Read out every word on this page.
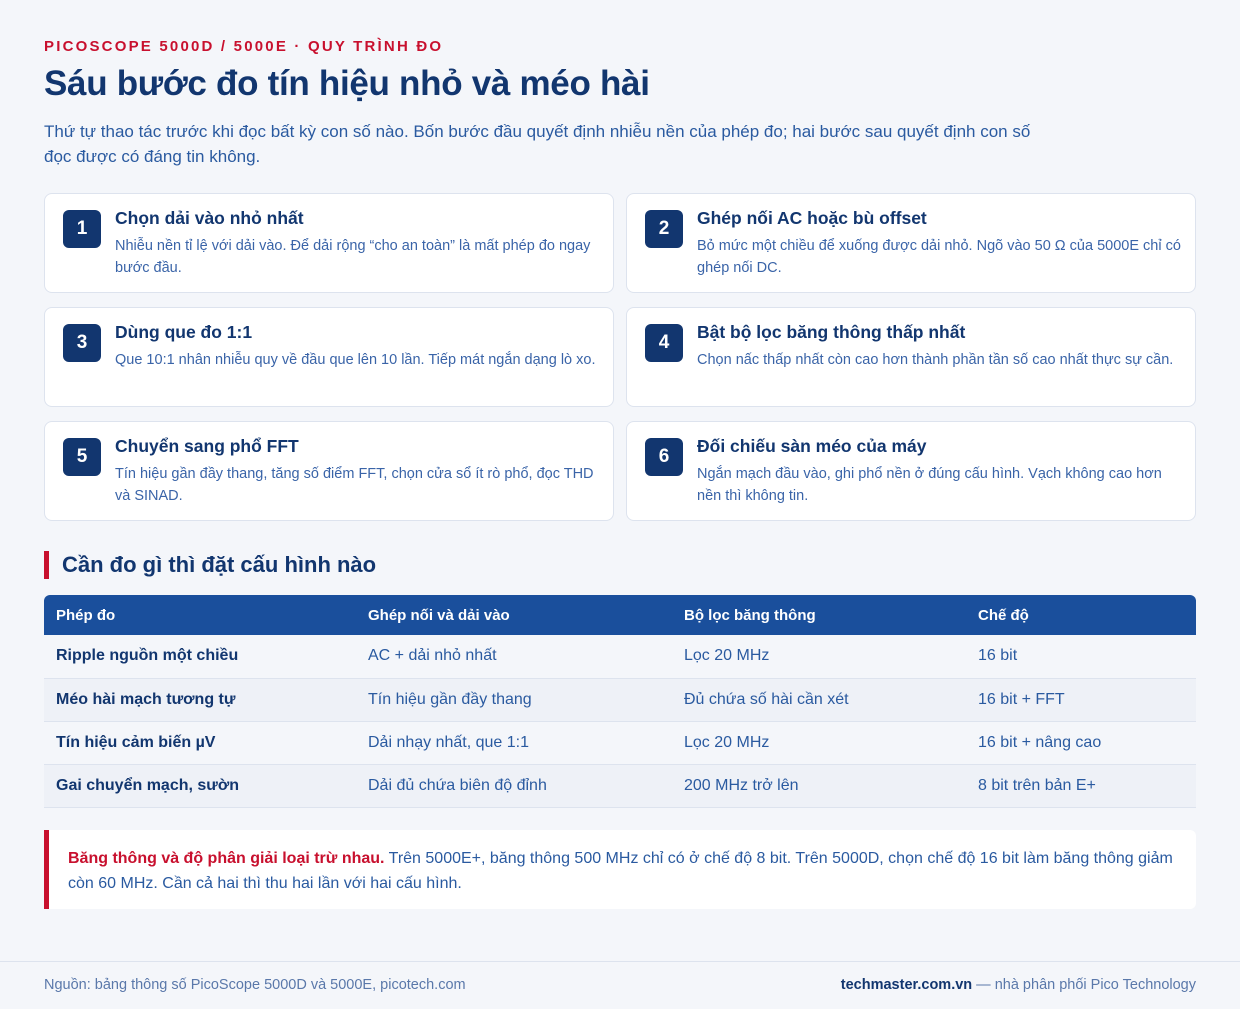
PICOSCOPE 5000D / 5000E · QUY TRÌNH ĐO
Sáu bước đo tín hiệu nhỏ và méo hài

Thứ tự thao tác trước khi đọc bất kỳ con số nào. Bốn bước đầu quyết định nhiễu nền của phép đo; hai bước sau quyết định con số đọc được có đáng tin không.

1	Chọn dải vào nhỏ nhất
Nhiễu nền tỉ lệ với dải vào. Để dải rộng “cho an toàn” là mất phép đo ngay bước đầu.
2	Ghép nối AC hoặc bù offset
Bỏ mức một chiều để xuống được dải nhỏ. Ngõ vào 50 Ω của 5000E chỉ có ghép nối DC.
3	Dùng que đo 1:1
Que 10:1 nhân nhiễu quy về đầu que lên 10 lần. Tiếp mát ngắn dạng lò xo.
4	Bật bộ lọc băng thông thấp nhất
Chọn nấc thấp nhất còn cao hơn thành phần tần số cao nhất thực sự cần.
5	Chuyển sang phổ FFT
Tín hiệu gần đầy thang, tăng số điểm FFT, chọn cửa sổ ít rò phổ, đọc THD và SINAD.
6	Đối chiếu sàn méo của máy
Ngắn mạch đầu vào, ghi phổ nền ở đúng cấu hình. Vạch không cao hơn nền thì không tin.
Cần đo gì thì đặt cấu hình nào
Phép đo	Ghép nối và dải vào	Bộ lọc băng thông	Chế độ
Ripple nguồn một chiều	AC + dải nhỏ nhất	Lọc 20 MHz	16 bit
Méo hài mạch tương tự	Tín hiệu gần đầy thang	Đủ chứa số hài cần xét	16 bit + FFT
Tín hiệu cảm biến µV	Dải nhạy nhất, que 1:1	Lọc 20 MHz	16 bit + nâng cao
Gai chuyển mạch, sườn	Dải đủ chứa biên độ đỉnh	200 MHz trở lên	8 bit trên bản E+
Băng thông và độ phân giải loại trừ nhau. Trên 5000E+, băng thông 500 MHz chỉ có ở chế độ 8 bit. Trên 5000D, chọn chế độ 16 bit làm băng thông giảm còn 60 MHz. Cần cả hai thì thu hai lần với hai cấu hình.
Nguồn: bảng thông số PicoScope 5000D và 5000E, picotech.com	techmaster.com.vn — nhà phân phối Pico Technology
